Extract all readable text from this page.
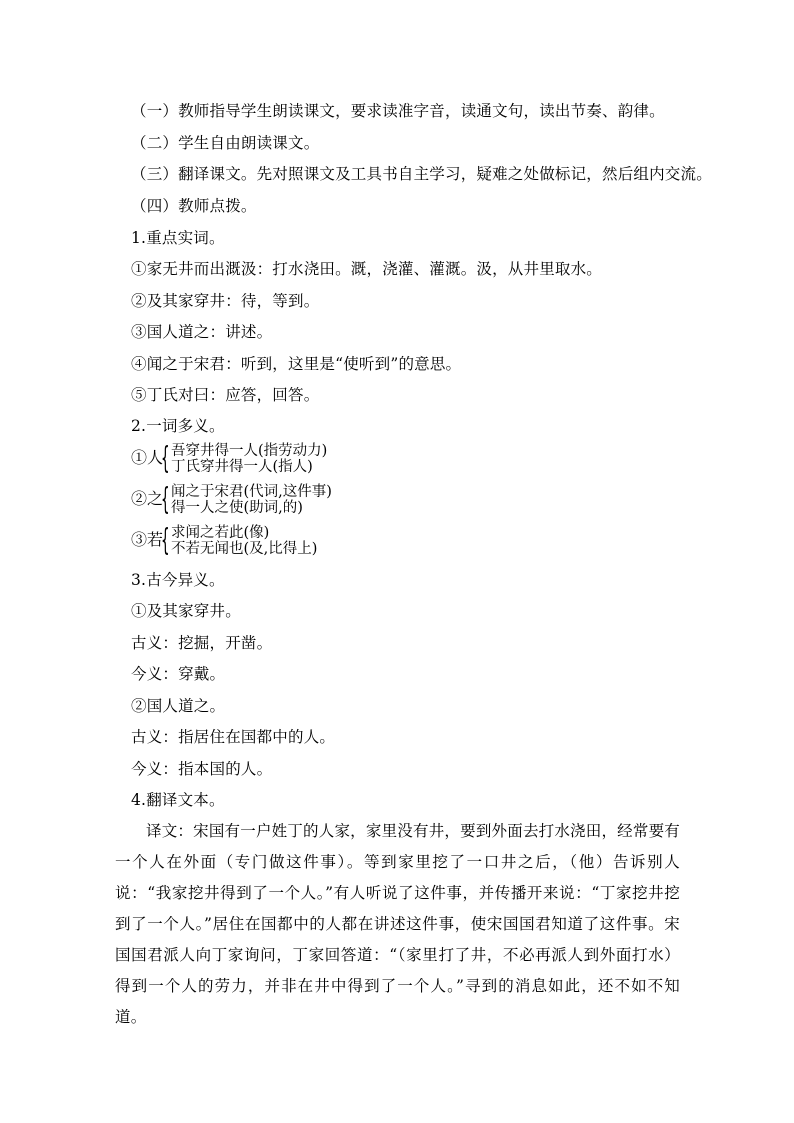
（一）教师指导学生朗读课文，要求读准字音，读通文句，读出节奏、韵律。
（二）学生自由朗读课文。
（三）翻译课文。先对照课文及工具书自主学习，疑难之处做标记，然后组内交流。
（四）教师点拨。
1.重点实词。
①家无井而出溉汲：打水浇田。溉，浇灌、灌溉。汲，从井里取水。
②及其家穿井：待，等到。
③国人道之：讲述。
④闻之于宋君：听到，这里是“使听到”的意思。
⑤丁氏对曰：应答，回答。
2.一词多义。
①人
{ 吾穿井得一人(指劳动力)
丁氏穿井得一人(指人)
②之
{ 闻之于宋君(代词,这件事)
得一人之使(助词,的)
③若
{ 求闻之若此(像)
不若无闻也(及,比得上)
3.古今异义。
①及其家穿井。
古义：挖掘，开凿。
今义：穿戴。
②国人道之。
古义：指居住在国都中的人。
今义：指本国的人。
4.翻译文本。
译文：宋国有一户姓丁的人家，家里没有井，要到外面去打水浇田，经常要有一个人在外面（专门做这件事）。等到家里挖了一口井之后，（他）告诉别人说：“我家挖井得到了一个人。”有人听说了这件事，并传播开来说：“丁家挖井挖到了一个人。”居住在国都中的人都在讲述这件事，使宋国国君知道了这件事。宋国国君派人向丁家询问，丁家回答道：“（家里打了井，不必再派人到外面打水）得到一个人的劳力，并非在井中得到了一个人。”寻到的消息如此，还不如不知道。
